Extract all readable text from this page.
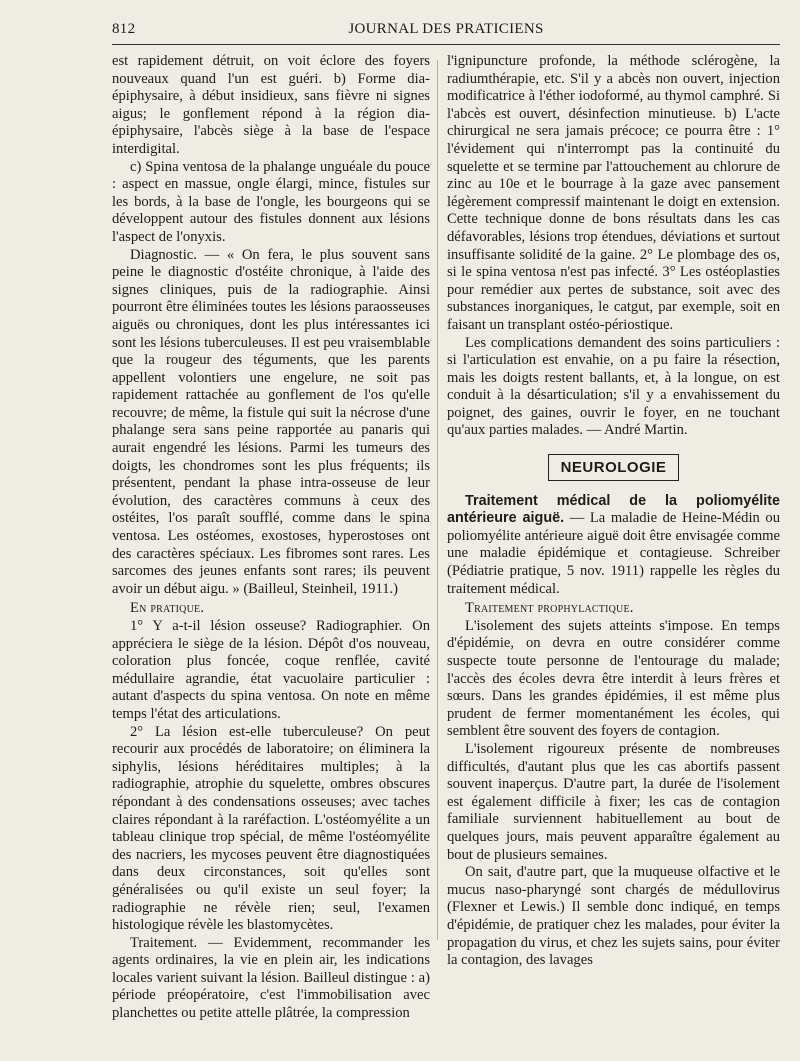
812	JOURNAL DES PRATICIENS

est rapidement détruit, on voit éclore des foyers nouveaux quand l'un est guéri. b) Forme dia-épiphysaire, à début insidieux, sans fièvre ni signes aigus; le gonflement répond à la région dia-épiphysaire, l'abcès siège à la base de l'espace interdigital.

c) Spina ventosa de la phalange unguéale du pouce : aspect en massue, ongle élargi, mince, fistules sur les bords, à la base de l'ongle, les bourgeons qui se développent autour des fistules donnent aux lésions l'aspect de l'onyxis.

Diagnostic. — « On fera, le plus souvent sans peine le diagnostic d'ostéite chronique, à l'aide des signes cliniques, puis de la radiographie. Ainsi pourront être éliminées toutes les lésions paraosseuses aiguës ou chroniques, dont les plus intéressantes ici sont les lésions tuberculeuses. Il est peu vraisemblable que la rougeur des téguments, que les parents appellent volontiers une engelure, ne soit pas rapidement rattachée au gonflement de l'os qu'elle recouvre; de même, la fistule qui suit la nécrose d'une phalange sera sans peine rapportée au panaris qui aurait engendré les lésions. Parmi les tumeurs des doigts, les chondromes sont les plus fréquents; ils présentent, pendant la phase intra-osseuse de leur évolution, des caractères communs à ceux des ostéites, l'os paraît soufflé, comme dans le spina ventosa. Les ostéomes, exostoses, hyperostoses ont des caractères spéciaux. Les fibromes sont rares. Les sarcomes des jeunes enfants sont rares; ils peuvent avoir un début aigu. » (Bailleul, Steinheil, 1911.)

En pratique.

1° Y a-t-il lésion osseuse? Radiographier. On appréciera le siège de la lésion. Dépôt d'os nouveau, coloration plus foncée, coque renflée, cavité médullaire agrandie, état vacuolaire particulier : autant d'aspects du spina ventosa. On note en même temps l'état des articulations.

2° La lésion est-elle tuberculeuse? On peut recourir aux procédés de laboratoire; on éliminera la siphylis, lésions héréditaires multiples; à la radiographie, atrophie du squelette, ombres obscures répondant à des condensations osseuses; avec taches claires répondant à la raréfaction. L'ostéomyélite a un tableau clinique trop spécial, de même l'ostéomyélite des nacriers, les mycoses peuvent être diagnostiquées dans deux circonstances, soit qu'elles sont généralisées ou qu'il existe un seul foyer; la radiographie ne révèle rien; seul, l'examen histologique révèle les blastomycètes.

Traitement. — Evidemment, recommander les agents ordinaires, la vie en plein air, les indications locales varient suivant la lésion. Bailleul distingue : a) période préopératoire, c'est l'immobilisation avec planchettes ou petite attelle plâtrée, la compression

l'ignipuncture profonde, la méthode sclérogène, la radiumthérapie, etc. S'il y a abcès non ouvert, injection modificatrice à l'éther iodoformé, au thymol camphré. Si l'abcès est ouvert, désinfection minutieuse. b) L'acte chirurgical ne sera jamais précoce; ce pourra être : 1° l'évidement qui n'interrompt pas la continuité du squelette et se termine par l'attouchement au chlorure de zinc au 10e et le bourrage à la gaze avec pansement légèrement compressif maintenant le doigt en extension. Cette technique donne de bons résultats dans les cas défavorables, lésions trop étendues, déviations et surtout insuffisante solidité de la gaine. 2° Le plombage des os, si le spina ventosa n'est pas infecté. 3° Les ostéoplasties pour remédier aux pertes de substance, soit avec des substances inorganiques, le catgut, par exemple, soit en faisant un transplant ostéo-périostique.

Les complications demandent des soins particuliers : si l'articulation est envahie, on a pu faire la résection, mais les doigts restent ballants, et, à la longue, on est conduit à la désarticulation; s'il y a envahissement du poignet, des gaines, ouvrir le foyer, en ne touchant qu'aux parties malades. — André Martin.

NEUROLOGIE

Traitement médical de la poliomyélite antérieure aiguë. — La maladie de Heine-Médin ou poliomyélite antérieure aiguë doit être envisagée comme une maladie épidémique et contagieuse. Schreiber (Pédiatrie pratique, 5 nov. 1911) rappelle les règles du traitement médical.

Traitement prophylactique.

L'isolement des sujets atteints s'impose. En temps d'épidémie, on devra en outre considérer comme suspecte toute personne de l'entourage du malade; l'accès des écoles devra être interdit à leurs frères et sœurs. Dans les grandes épidémies, il est même plus prudent de fermer momentanément les écoles, qui semblent être souvent des foyers de contagion.

L'isolement rigoureux présente de nombreuses difficultés, d'autant plus que les cas abortifs passent souvent inaperçus. D'autre part, la durée de l'isolement est également difficile à fixer; les cas de contagion familiale surviennent habituellement au bout de quelques jours, mais peuvent apparaître également au bout de plusieurs semaines.

On sait, d'autre part, que la muqueuse olfactive et le mucus naso-pharyngé sont chargés de médullovirus (Flexner et Lewis.) Il semble donc indiqué, en temps d'épidémie, de pratiquer chez les malades, pour éviter la propagation du virus, et chez les sujets sains, pour éviter la contagion, des lavages
